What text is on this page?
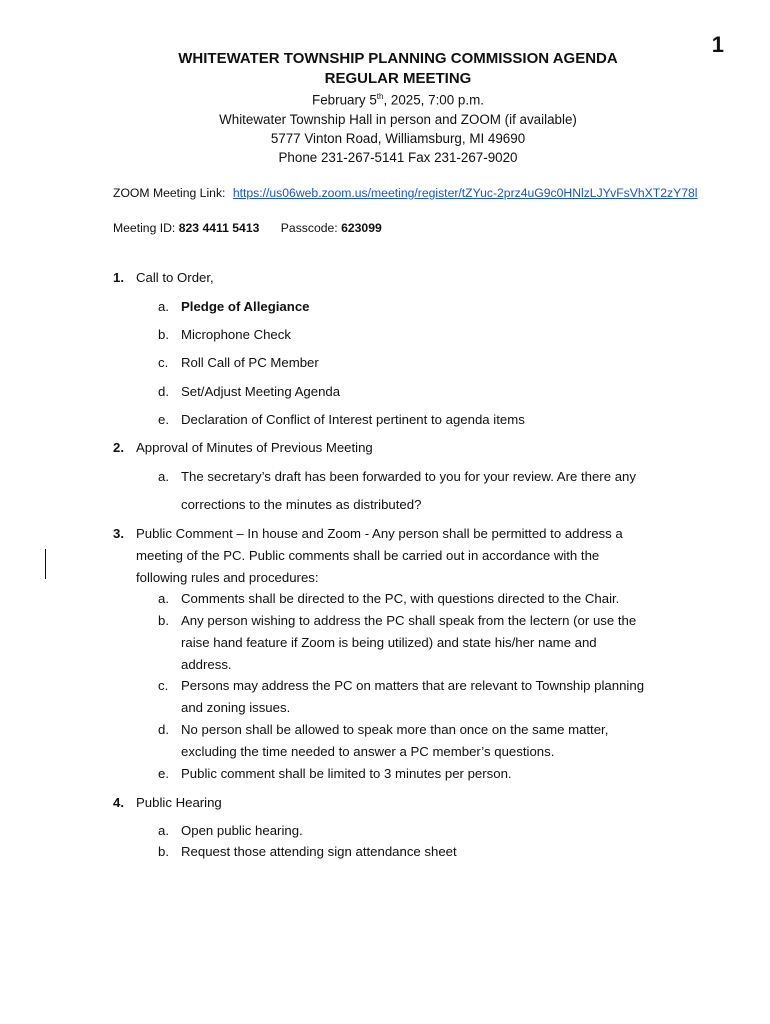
1
WHITEWATER TOWNSHIP PLANNING COMMISSION AGENDA
REGULAR MEETING
February 5th, 2025, 7:00 p.m.
Whitewater Township Hall in person and ZOOM (if available)
5777 Vinton Road, Williamsburg, MI 49690
Phone 231-267-5141 Fax 231-267-9020
ZOOM Meeting Link: https://us06web.zoom.us/meeting/register/tZYuc-2prz4uG9c0HNlzLJYvFsVhXT2zY78l
Meeting ID: 823 4411 5413 Passcode: 623099
1. Call to Order,
a. Pledge of Allegiance
b. Microphone Check
c. Roll Call of PC Member
d. Set/Adjust Meeting Agenda
e. Declaration of Conflict of Interest pertinent to agenda items
2. Approval of Minutes of Previous Meeting
a. The secretary’s draft has been forwarded to you for your review. Are there any
corrections to the minutes as distributed?
3. Public Comment – In house and Zoom - Any person shall be permitted to address a
meeting of the PC. Public comments shall be carried out in accordance with the
following rules and procedures:
a. Comments shall be directed to the PC, with questions directed to the Chair.
b. Any person wishing to address the PC shall speak from the lectern (or use the
raise hand feature if Zoom is being utilized) and state his/her name and
address.
c. Persons may address the PC on matters that are relevant to Township planning
and zoning issues.
d. No person shall be allowed to speak more than once on the same matter,
excluding the time needed to answer a PC member’s questions.
e. Public comment shall be limited to 3 minutes per person.
4. Public Hearing
a. Open public hearing.
b. Request those attending sign attendance sheet
